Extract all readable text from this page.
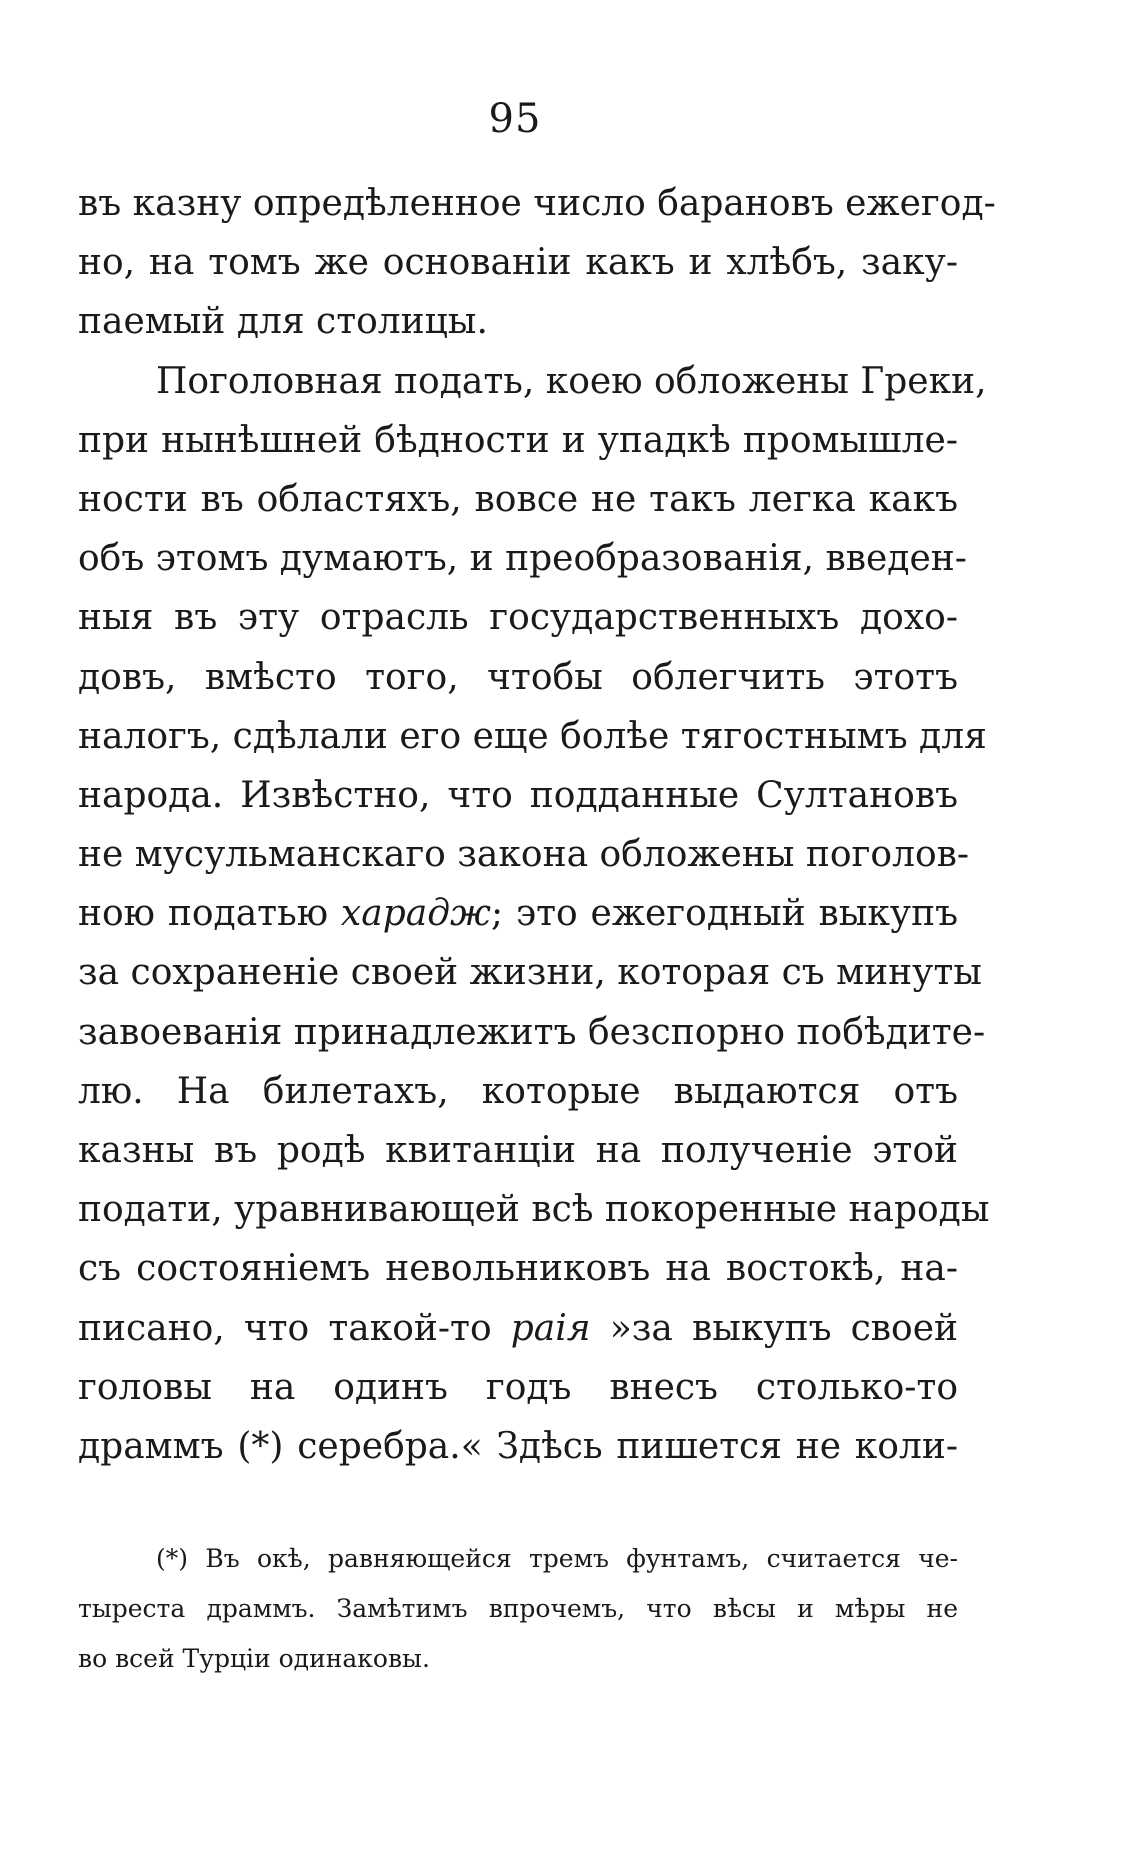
95
въ казну опредѣленное число барановъ ежегод-
но, на томъ же основанiи какъ и хлѣбъ, заку-
паемый для столицы.
Поголовная подать, коею обложены Греки,
при нынѣшней бѣдности и упадкѣ промышле-
ности въ областяхъ, вовсе не такъ легка какъ
объ этомъ думаютъ, и преобразованiя, введен-
ныя въ эту отрасль государственныхъ дохо-
довъ, вмѣсто того, чтобы облегчить этотъ
налогъ, сдѣлали его еще болѣе тягостнымъ для
народа. Извѣстно, что подданные Султановъ
не мусульманскаго закона обложены поголов-
ною податью харадж; это ежегодный выкупъ
за сохраненiе своей жизни, которая съ минуты
завоеванiя принадлежитъ безспорно побѣдите-
лю. На билетахъ, которые выдаются отъ
казны въ родѣ квитанцiи на полученiе этой
подати, уравнивающей всѣ покоренные народы
съ состоянiемъ невольниковъ на востокѣ, на-
писано, что такой-то раiя »за выкупъ своей
головы на одинъ годъ внесъ столько-то
драммъ (*) серебра.« Здѣсь пишется не коли-
(*) Въ окѣ, равняющейся тремъ фунтамъ, считается че-
тыреста драммъ. Замѣтимъ впрочемъ, что вѣсы и мѣры не
во всей Турцiи одинаковы.
